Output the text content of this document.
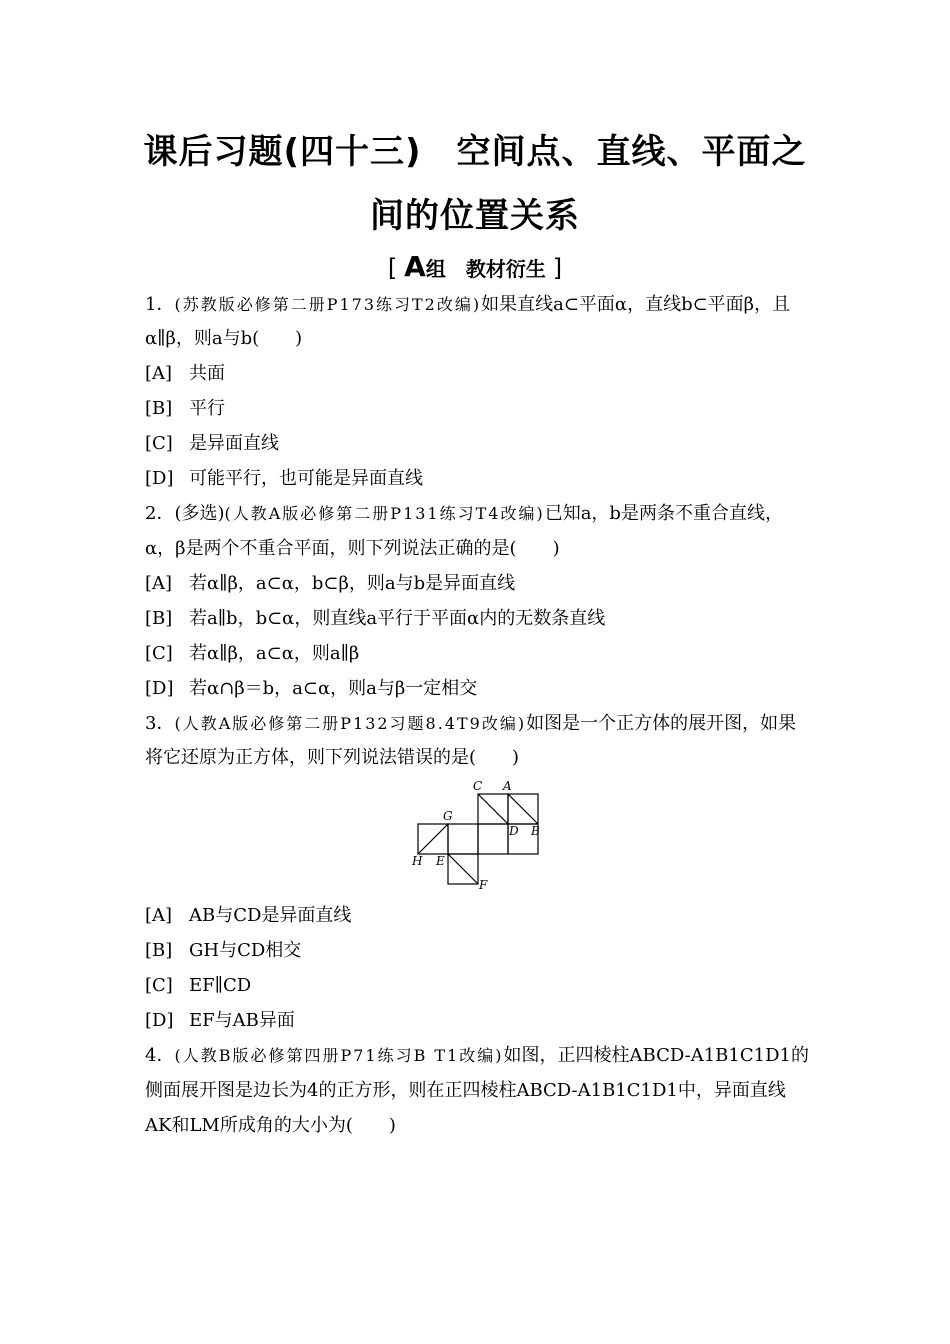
课后习题(四十三)　空间点、直线、平面之
间的位置关系
[ A组　教材衍生 ]
1．(苏教版必修第二册P173练习T2改编)如果直线a⊂平面α，直线b⊂平面β，且
α∥β，则a与b(　　)
[A] 共面
[B] 平行
[C] 是异面直线
[D] 可能平行，也可能是异面直线
2．(多选)(人教A版必修第二册P131练习T4改编)已知a，b是两条不重合直线，
α，β是两个不重合平面，则下列说法正确的是(　　)
[A] 若α∥β，a⊂α，b⊂β，则a与b是异面直线
[B] 若a∥b，b⊂α，则直线a平行于平面α内的无数条直线
[C] 若α∥β，a⊂α，则a∥β
[D] 若α∩β＝b，a⊂α，则a与β一定相交
3．(人教A版必修第二册P132习题8.4T9改编)如图是一个正方体的展开图，如果
将它还原为正方体，则下列说法错误的是(　　)
C A
G
D B
H E
F
[A] AB与CD是异面直线
[B] GH与CD相交
[C] EF∥CD
[D] EF与AB异面
4．(人教B版必修第四册P71练习B T1改编)如图，正四棱柱ABCD-A1B1C1D1的
侧面展开图是边长为4的正方形，则在正四棱柱ABCD-A1B1C1D1中，异面直线
AK和LM所成角的大小为(　　)
